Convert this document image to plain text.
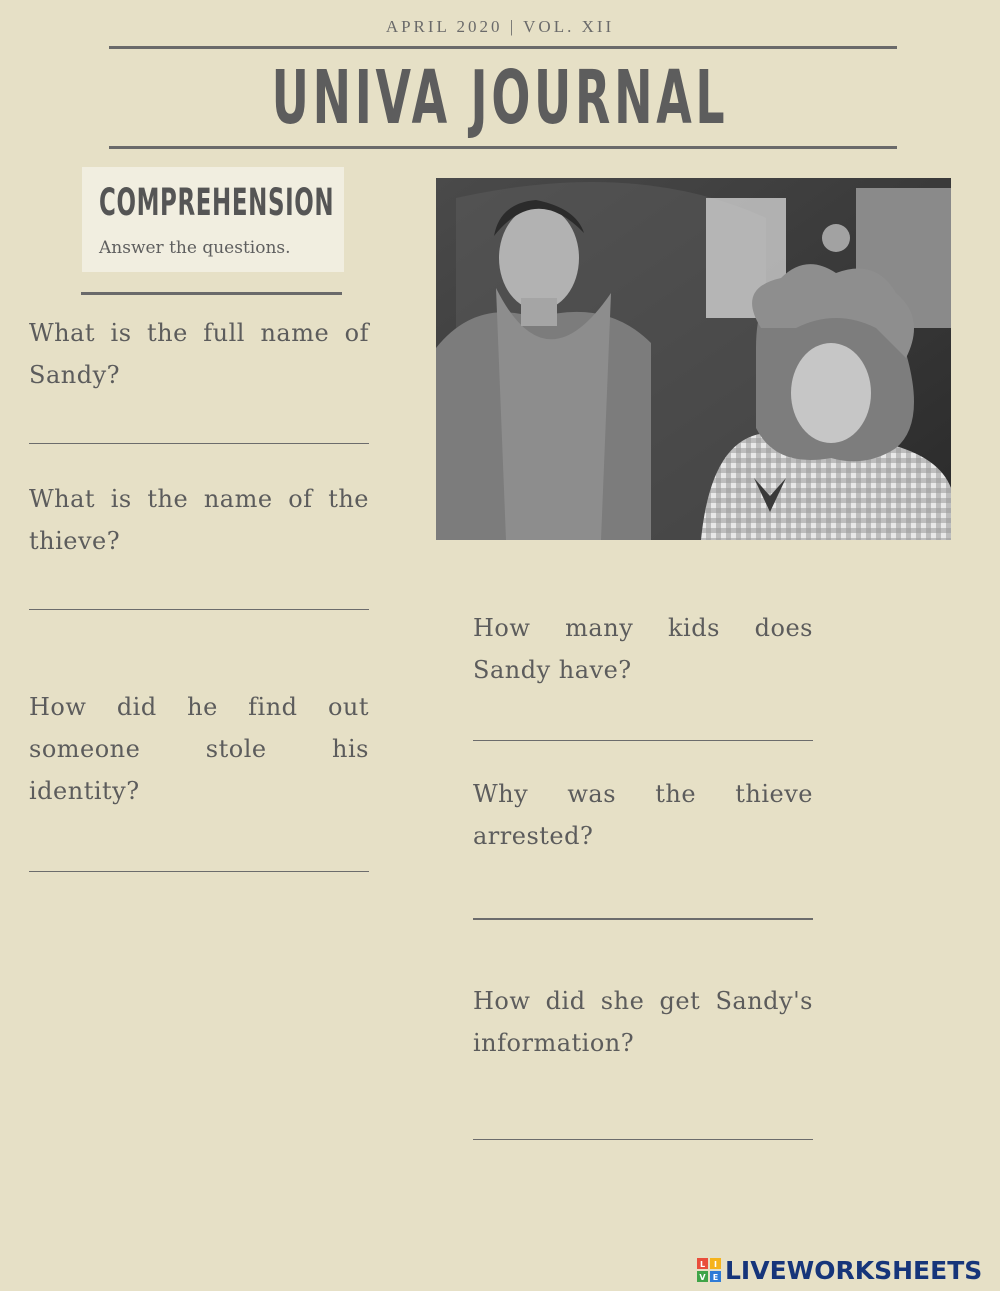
APRIL 2020 | VOL. XII
UNIVA JOURNAL
COMPREHENSION
Answer the questions.
What is the full name of Sandy?
What is the name of the thieve?
How did he find out someone stole his identity?
How many kids does Sandy have?
Why was the thieve arrested?
How did she get Sandy's information?
L I
V E LIVEWORKSHEETS
